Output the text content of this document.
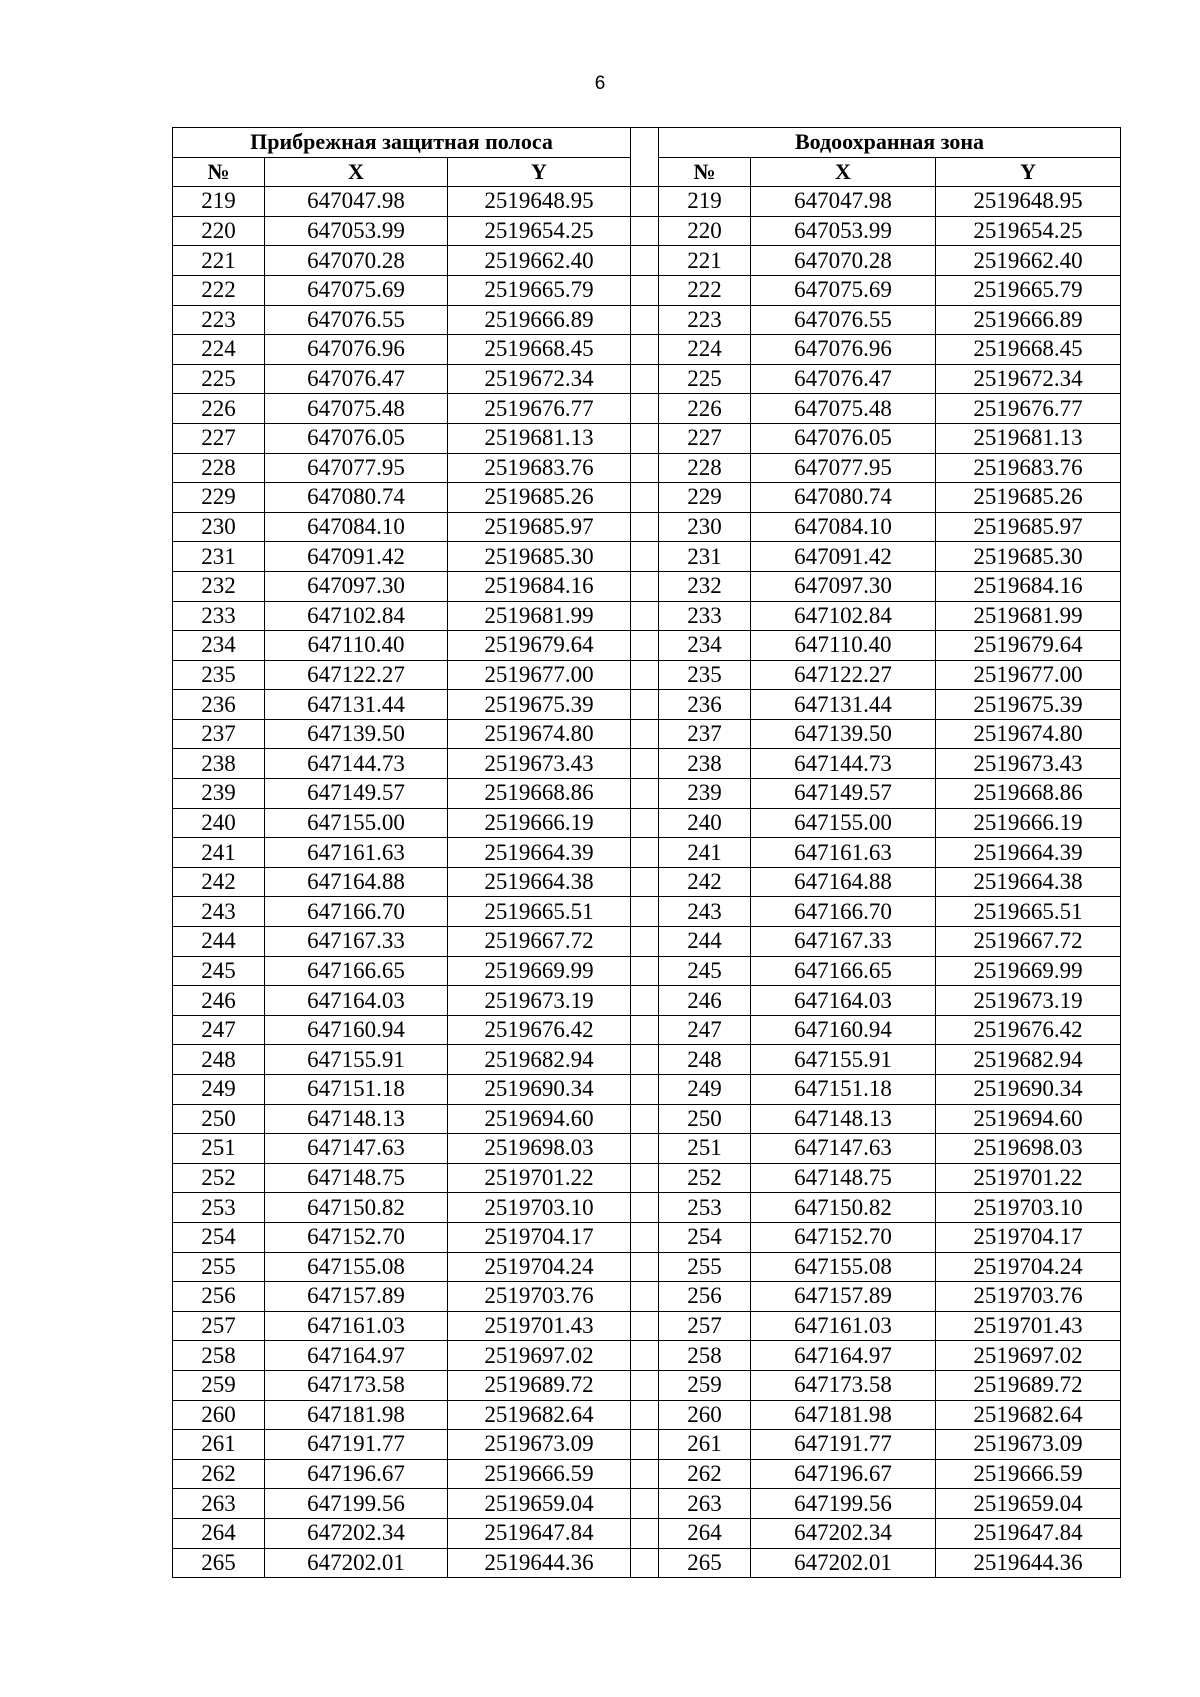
6
Прибрежная защитная полоса				Водоохранная зона		
№	X	Y		№	X	Y
219	647047.98	2519648.95		219	647047.98	2519648.95
220	647053.99	2519654.25		220	647053.99	2519654.25
221	647070.28	2519662.40		221	647070.28	2519662.40
222	647075.69	2519665.79		222	647075.69	2519665.79
223	647076.55	2519666.89		223	647076.55	2519666.89
224	647076.96	2519668.45		224	647076.96	2519668.45
225	647076.47	2519672.34		225	647076.47	2519672.34
226	647075.48	2519676.77		226	647075.48	2519676.77
227	647076.05	2519681.13		227	647076.05	2519681.13
228	647077.95	2519683.76		228	647077.95	2519683.76
229	647080.74	2519685.26		229	647080.74	2519685.26
230	647084.10	2519685.97		230	647084.10	2519685.97
231	647091.42	2519685.30		231	647091.42	2519685.30
232	647097.30	2519684.16		232	647097.30	2519684.16
233	647102.84	2519681.99		233	647102.84	2519681.99
234	647110.40	2519679.64		234	647110.40	2519679.64
235	647122.27	2519677.00		235	647122.27	2519677.00
236	647131.44	2519675.39		236	647131.44	2519675.39
237	647139.50	2519674.80		237	647139.50	2519674.80
238	647144.73	2519673.43		238	647144.73	2519673.43
239	647149.57	2519668.86		239	647149.57	2519668.86
240	647155.00	2519666.19		240	647155.00	2519666.19
241	647161.63	2519664.39		241	647161.63	2519664.39
242	647164.88	2519664.38		242	647164.88	2519664.38
243	647166.70	2519665.51		243	647166.70	2519665.51
244	647167.33	2519667.72		244	647167.33	2519667.72
245	647166.65	2519669.99		245	647166.65	2519669.99
246	647164.03	2519673.19		246	647164.03	2519673.19
247	647160.94	2519676.42		247	647160.94	2519676.42
248	647155.91	2519682.94		248	647155.91	2519682.94
249	647151.18	2519690.34		249	647151.18	2519690.34
250	647148.13	2519694.60		250	647148.13	2519694.60
251	647147.63	2519698.03		251	647147.63	2519698.03
252	647148.75	2519701.22		252	647148.75	2519701.22
253	647150.82	2519703.10		253	647150.82	2519703.10
254	647152.70	2519704.17		254	647152.70	2519704.17
255	647155.08	2519704.24		255	647155.08	2519704.24
256	647157.89	2519703.76		256	647157.89	2519703.76
257	647161.03	2519701.43		257	647161.03	2519701.43
258	647164.97	2519697.02		258	647164.97	2519697.02
259	647173.58	2519689.72		259	647173.58	2519689.72
260	647181.98	2519682.64		260	647181.98	2519682.64
261	647191.77	2519673.09		261	647191.77	2519673.09
262	647196.67	2519666.59		262	647196.67	2519666.59
263	647199.56	2519659.04		263	647199.56	2519659.04
264	647202.34	2519647.84		264	647202.34	2519647.84
265	647202.01	2519644.36		265	647202.01	2519644.36
